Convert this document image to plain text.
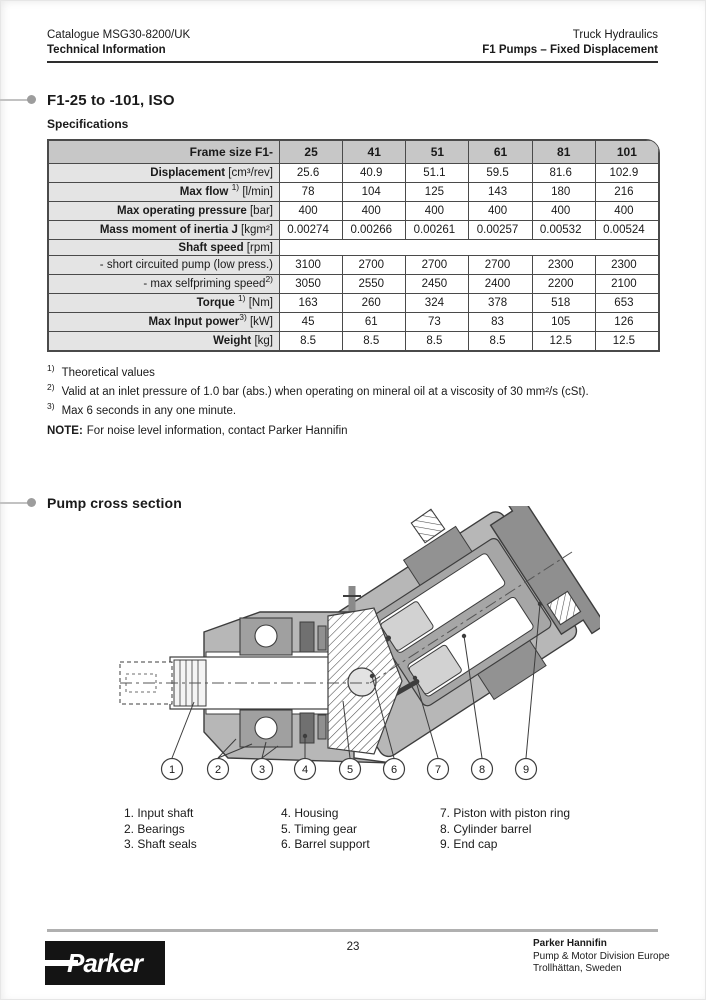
Catalogue MSG30-8200/UK
Technical Information
Truck Hydraulics
F1 Pumps – Fixed Displacement
F1-25 to -101, ISO
Specifications
Frame size F1-	25	41	51	61	81	101
Displacement [cm³/rev]	25.6	40.9	51.1	59.5	81.6	102.9
Max flow $^{1)}$ [l/min]	78	104	125	143	180	216
Max operating pressure [bar]	400	400	400	400	400	400
Mass moment of inertia J [kgm²]	0.00274	0.00266	0.00261	0.00257	0.00532	0.00524
Shaft speed [rpm]						
- short circuited pump (low press.)	3100	2700	2700	2700	2300	2300
- max selfpriming speed$^{2)}$	3050	2550	2450	2400	2200	2100
Torque $^{1)}$ [Nm]	163	260	324	378	518	653
Max Input power$^{3)}$ [kW]	45	61	73	83	105	126
Weight [kg]	8.5	8.5	8.5	8.5	12.5	12.5
$^{1)}$ Theoretical values
$^{2)}$ Valid at an inlet pressure of 1.0 bar (abs.) when operating on mineral oil at a viscosity of 30 mm²/s (cSt).
$^{3)}$ Max 6 seconds in any one minute.
NOTE: For noise level information, contact Parker Hannifin
Pump cross section
1	2	3	4	5	6	7	8	9
1. Input shaft
2. Bearings
3. Shaft seals
4. Housing
5. Timing gear
6. Barrel support
7. Piston with piston ring
8. Cylinder barrel
9. End cap
23
Parker
Parker Hannifin
Pump & Motor Division Europe
Trollhättan, Sweden
